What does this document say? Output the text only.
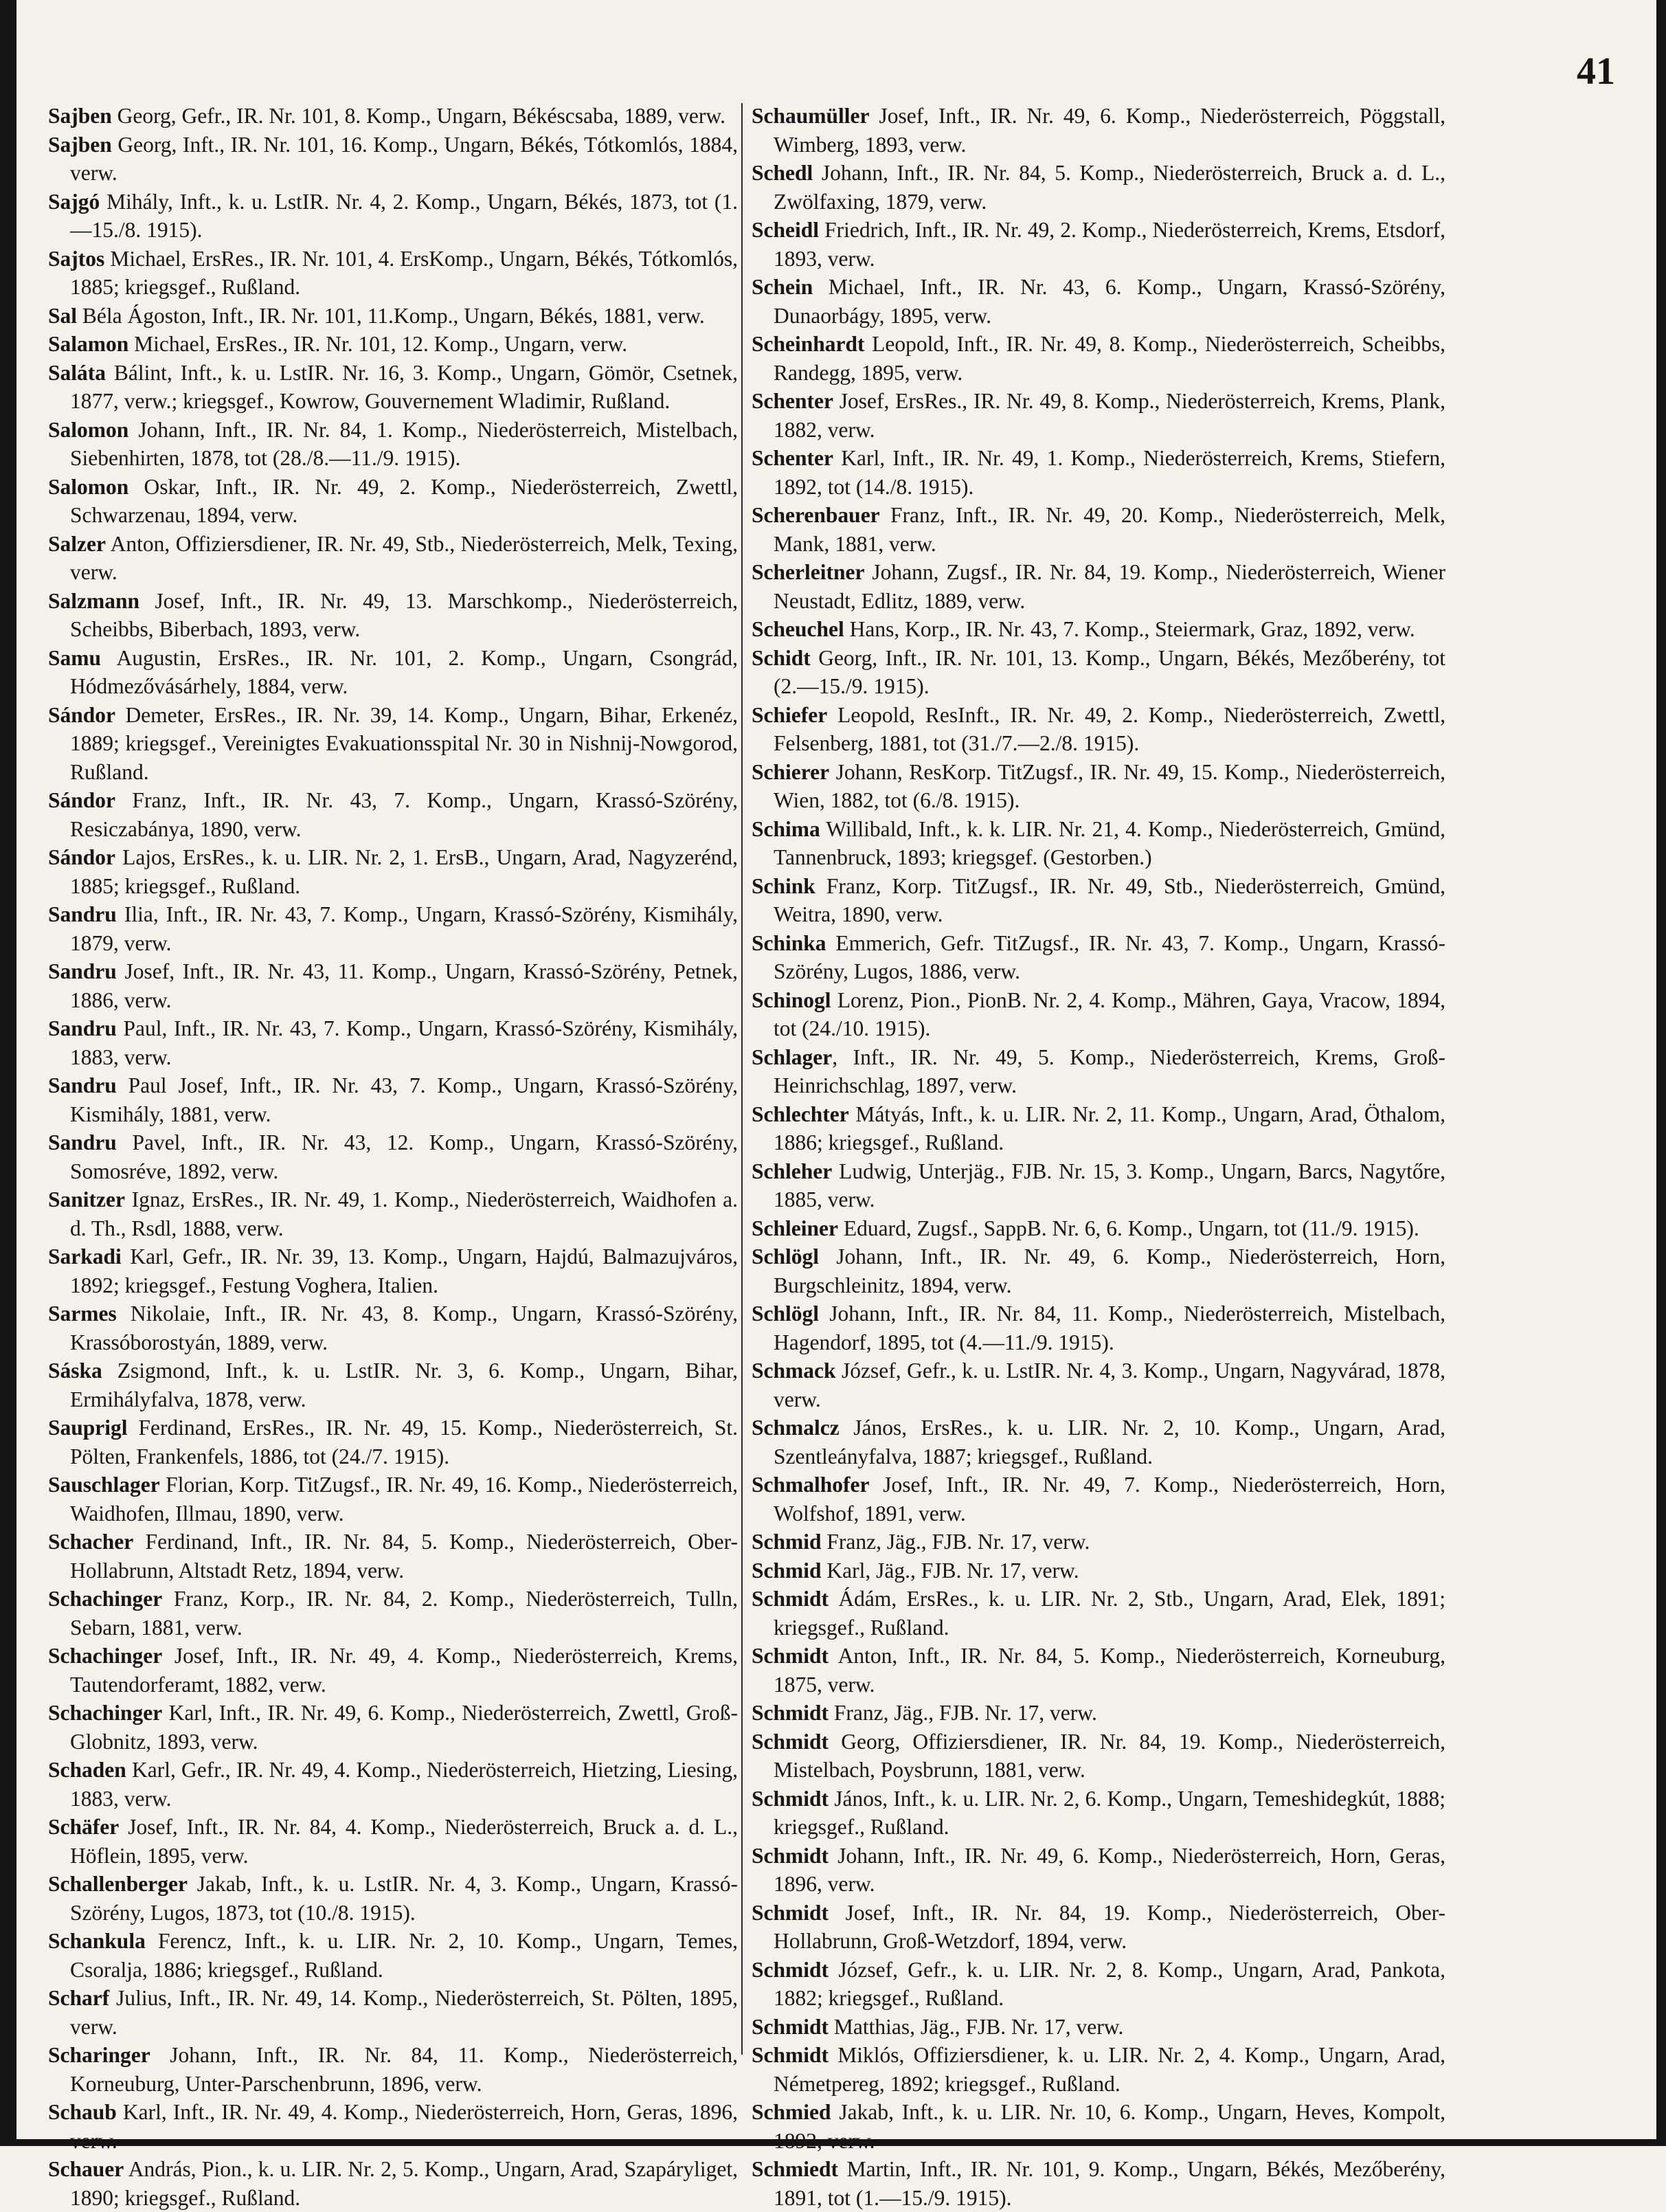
41

Sajben Georg, Gefr., IR. Nr. 101, 8. Komp., Ungarn, Békéscsaba, 1889, verw.

Sajben Georg, Inft., IR. Nr. 101, 16. Komp., Ungarn, Békés, Tótkomlós, 1884, verw.

Sajgó Mihály, Inft., k. u. LstIR. Nr. 4, 2. Komp., Ungarn, Békés, 1873, tot (1.—15./8. 1915).

Sajtos Michael, ErsRes., IR. Nr. 101, 4. ErsKomp., Ungarn, Békés, Tótkomlós, 1885; kriegsgef., Rußland.

Sal Béla Ágoston, Inft., IR. Nr. 101, 11.Komp., Ungarn, Békés, 1881, verw.

Salamon Michael, ErsRes., IR. Nr. 101, 12. Komp., Ungarn, verw.

Saláta Bálint, Inft., k. u. LstIR. Nr. 16, 3. Komp., Ungarn, Gömör, Csetnek, 1877, verw.; kriegsgef., Kowrow, Gouvernement Wladimir, Rußland.

Salomon Johann, Inft., IR. Nr. 84, 1. Komp., Niederösterreich, Mistelbach, Siebenhirten, 1878, tot (28./8.—11./9. 1915).

Salomon Oskar, Inft., IR. Nr. 49, 2. Komp., Niederösterreich, Zwettl, Schwarzenau, 1894, verw.

Salzer Anton, Offiziersdiener, IR. Nr. 49, Stb., Niederösterreich, Melk, Texing, verw.

Salzmann Josef, Inft., IR. Nr. 49, 13. Marschkomp., Niederösterreich, Scheibbs, Biberbach, 1893, verw.

Samu Augustin, ErsRes., IR. Nr. 101, 2. Komp., Ungarn, Csongrád, Hódmezővásárhely, 1884, verw.

Sándor Demeter, ErsRes., IR. Nr. 39, 14. Komp., Ungarn, Bihar, Erkenéz, 1889; kriegsgef., Vereinigtes Evakuationsspital Nr. 30 in Nishnij-Nowgorod, Rußland.

Sándor Franz, Inft., IR. Nr. 43, 7. Komp., Ungarn, Krassó-Szörény, Resiczabánya, 1890, verw.

Sándor Lajos, ErsRes., k. u. LIR. Nr. 2, 1. ErsB., Ungarn, Arad, Nagyzerénd, 1885; kriegsgef., Rußland.

Sandru Ilia, Inft., IR. Nr. 43, 7. Komp., Ungarn, Krassó-Szörény, Kismihály, 1879, verw.

Sandru Josef, Inft., IR. Nr. 43, 11. Komp., Ungarn, Krassó-Szörény, Petnek, 1886, verw.

Sandru Paul, Inft., IR. Nr. 43, 7. Komp., Ungarn, Krassó-Szörény, Kismihály, 1883, verw.

Sandru Paul Josef, Inft., IR. Nr. 43, 7. Komp., Ungarn, Krassó-Szörény, Kismihály, 1881, verw.

Sandru Pavel, Inft., IR. Nr. 43, 12. Komp., Ungarn, Krassó-Szörény, Somosréve, 1892, verw.

Sanitzer Ignaz, ErsRes., IR. Nr. 49, 1. Komp., Niederösterreich, Waidhofen a. d. Th., Rsdl, 1888, verw.

Sarkadi Karl, Gefr., IR. Nr. 39, 13. Komp., Ungarn, Hajdú, Balmazujváros, 1892; kriegsgef., Festung Voghera, Italien.

Sarmes Nikolaie, Inft., IR. Nr. 43, 8. Komp., Ungarn, Krassó-Szörény, Krassóborostyán, 1889, verw.

Sáska Zsigmond, Inft., k. u. LstIR. Nr. 3, 6. Komp., Ungarn, Bihar, Ermihályfalva, 1878, verw.

Sauprigl Ferdinand, ErsRes., IR. Nr. 49, 15. Komp., Niederösterreich, St. Pölten, Frankenfels, 1886, tot (24./7. 1915).

Sauschlager Florian, Korp. TitZugsf., IR. Nr. 49, 16. Komp., Niederösterreich, Waidhofen, Illmau, 1890, verw.

Schacher Ferdinand, Inft., IR. Nr. 84, 5. Komp., Niederösterreich, Ober-Hollabrunn, Altstadt Retz, 1894, verw.

Schachinger Franz, Korp., IR. Nr. 84, 2. Komp., Niederösterreich, Tulln, Sebarn, 1881, verw.

Schachinger Josef, Inft., IR. Nr. 49, 4. Komp., Niederösterreich, Krems, Tautendorferamt, 1882, verw.

Schachinger Karl, Inft., IR. Nr. 49, 6. Komp., Niederösterreich, Zwettl, Groß-Globnitz, 1893, verw.

Schaden Karl, Gefr., IR. Nr. 49, 4. Komp., Niederösterreich, Hietzing, Liesing, 1883, verw.

Schäfer Josef, Inft., IR. Nr. 84, 4. Komp., Niederösterreich, Bruck a. d. L., Höflein, 1895, verw.

Schallenberger Jakab, Inft., k. u. LstIR. Nr. 4, 3. Komp., Ungarn, Krassó-Szörény, Lugos, 1873, tot (10./8. 1915).

Schankula Ferencz, Inft., k. u. LIR. Nr. 2, 10. Komp., Ungarn, Temes, Csoralja, 1886; kriegsgef., Rußland.

Scharf Julius, Inft., IR. Nr. 49, 14. Komp., Niederösterreich, St. Pölten, 1895, verw.

Scharinger Johann, Inft., IR. Nr. 84, 11. Komp., Niederösterreich, Korneuburg, Unter-Parschenbrunn, 1896, verw.

Schaub Karl, Inft., IR. Nr. 49, 4. Komp., Niederösterreich, Horn, Geras, 1896, verw.

Schauer András, Pion., k. u. LIR. Nr. 2, 5. Komp., Ungarn, Arad, Szapáryliget, 1890; kriegsgef., Rußland.

Schaumüller Josef, Inft., IR. Nr. 49, 6. Komp., Niederösterreich, Pöggstall, Wimberg, 1893, verw.

Schedl Johann, Inft., IR. Nr. 84, 5. Komp., Niederösterreich, Bruck a. d. L., Zwölfaxing, 1879, verw.

Scheidl Friedrich, Inft., IR. Nr. 49, 2. Komp., Niederösterreich, Krems, Etsdorf, 1893, verw.

Schein Michael, Inft., IR. Nr. 43, 6. Komp., Ungarn, Krassó-Szörény, Dunaorbágy, 1895, verw.

Scheinhardt Leopold, Inft., IR. Nr. 49, 8. Komp., Niederösterreich, Scheibbs, Randegg, 1895, verw.

Schenter Josef, ErsRes., IR. Nr. 49, 8. Komp., Niederösterreich, Krems, Plank, 1882, verw.

Schenter Karl, Inft., IR. Nr. 49, 1. Komp., Niederösterreich, Krems, Stiefern, 1892, tot (14./8. 1915).

Scherenbauer Franz, Inft., IR. Nr. 49, 20. Komp., Niederösterreich, Melk, Mank, 1881, verw.

Scherleitner Johann, Zugsf., IR. Nr. 84, 19. Komp., Niederösterreich, Wiener Neustadt, Edlitz, 1889, verw.

Scheuchel Hans, Korp., IR. Nr. 43, 7. Komp., Steiermark, Graz, 1892, verw.

Schidt Georg, Inft., IR. Nr. 101, 13. Komp., Ungarn, Békés, Mezőberény, tot (2.—15./9. 1915).

Schiefer Leopold, ResInft., IR. Nr. 49, 2. Komp., Niederösterreich, Zwettl, Felsenberg, 1881, tot (31./7.—2./8. 1915).

Schierer Johann, ResKorp. TitZugsf., IR. Nr. 49, 15. Komp., Niederösterreich, Wien, 1882, tot (6./8. 1915).

Schima Willibald, Inft., k. k. LIR. Nr. 21, 4. Komp., Niederösterreich, Gmünd, Tannenbruck, 1893; kriegsgef. (Gestorben.)

Schink Franz, Korp. TitZugsf., IR. Nr. 49, Stb., Niederösterreich, Gmünd, Weitra, 1890, verw.

Schinka Emmerich, Gefr. TitZugsf., IR. Nr. 43, 7. Komp., Ungarn, Krassó-Szörény, Lugos, 1886, verw.

Schinogl Lorenz, Pion., PionB. Nr. 2, 4. Komp., Mähren, Gaya, Vracow, 1894, tot (24./10. 1915).

Schlager, Inft., IR. Nr. 49, 5. Komp., Niederösterreich, Krems, Groß-Heinrichschlag, 1897, verw.

Schlechter Mátyás, Inft., k. u. LIR. Nr. 2, 11. Komp., Ungarn, Arad, Öthalom, 1886; kriegsgef., Rußland.

Schleher Ludwig, Unterjäg., FJB. Nr. 15, 3. Komp., Ungarn, Barcs, Nagytőre, 1885, verw.

Schleiner Eduard, Zugsf., SappB. Nr. 6, 6. Komp., Ungarn, tot (11./9. 1915).

Schlögl Johann, Inft., IR. Nr. 49, 6. Komp., Niederösterreich, Horn, Burgschleinitz, 1894, verw.

Schlögl Johann, Inft., IR. Nr. 84, 11. Komp., Niederösterreich, Mistelbach, Hagendorf, 1895, tot (4.—11./9. 1915).

Schmack József, Gefr., k. u. LstIR. Nr. 4, 3. Komp., Ungarn, Nagyvárad, 1878, verw.

Schmalcz János, ErsRes., k. u. LIR. Nr. 2, 10. Komp., Ungarn, Arad, Szentleányfalva, 1887; kriegsgef., Rußland.

Schmalhofer Josef, Inft., IR. Nr. 49, 7. Komp., Niederösterreich, Horn, Wolfshof, 1891, verw.

Schmid Franz, Jäg., FJB. Nr. 17, verw.

Schmid Karl, Jäg., FJB. Nr. 17, verw.

Schmidt Ádám, ErsRes., k. u. LIR. Nr. 2, Stb., Ungarn, Arad, Elek, 1891; kriegsgef., Rußland.

Schmidt Anton, Inft., IR. Nr. 84, 5. Komp., Niederösterreich, Korneuburg, 1875, verw.

Schmidt Franz, Jäg., FJB. Nr. 17, verw.

Schmidt Georg, Offiziersdiener, IR. Nr. 84, 19. Komp., Niederösterreich, Mistelbach, Poysbrunn, 1881, verw.

Schmidt János, Inft., k. u. LIR. Nr. 2, 6. Komp., Ungarn, Temeshidegkút, 1888; kriegsgef., Rußland.

Schmidt Johann, Inft., IR. Nr. 49, 6. Komp., Niederösterreich, Horn, Geras, 1896, verw.

Schmidt Josef, Inft., IR. Nr. 84, 19. Komp., Niederösterreich, Ober-Hollabrunn, Groß-Wetzdorf, 1894, verw.

Schmidt József, Gefr., k. u. LIR. Nr. 2, 8. Komp., Ungarn, Arad, Pankota, 1882; kriegsgef., Rußland.

Schmidt Matthias, Jäg., FJB. Nr. 17, verw.

Schmidt Miklós, Offiziersdiener, k. u. LIR. Nr. 2, 4. Komp., Ungarn, Arad, Németpereg, 1892; kriegsgef., Rußland.

Schmied Jakab, Inft., k. u. LIR. Nr. 10, 6. Komp., Ungarn, Heves, Kompolt, 1892, verw.

Schmiedt Martin, Inft., IR. Nr. 101, 9. Komp., Ungarn, Békés, Mezőberény, 1891, tot (1.—15./9. 1915).
